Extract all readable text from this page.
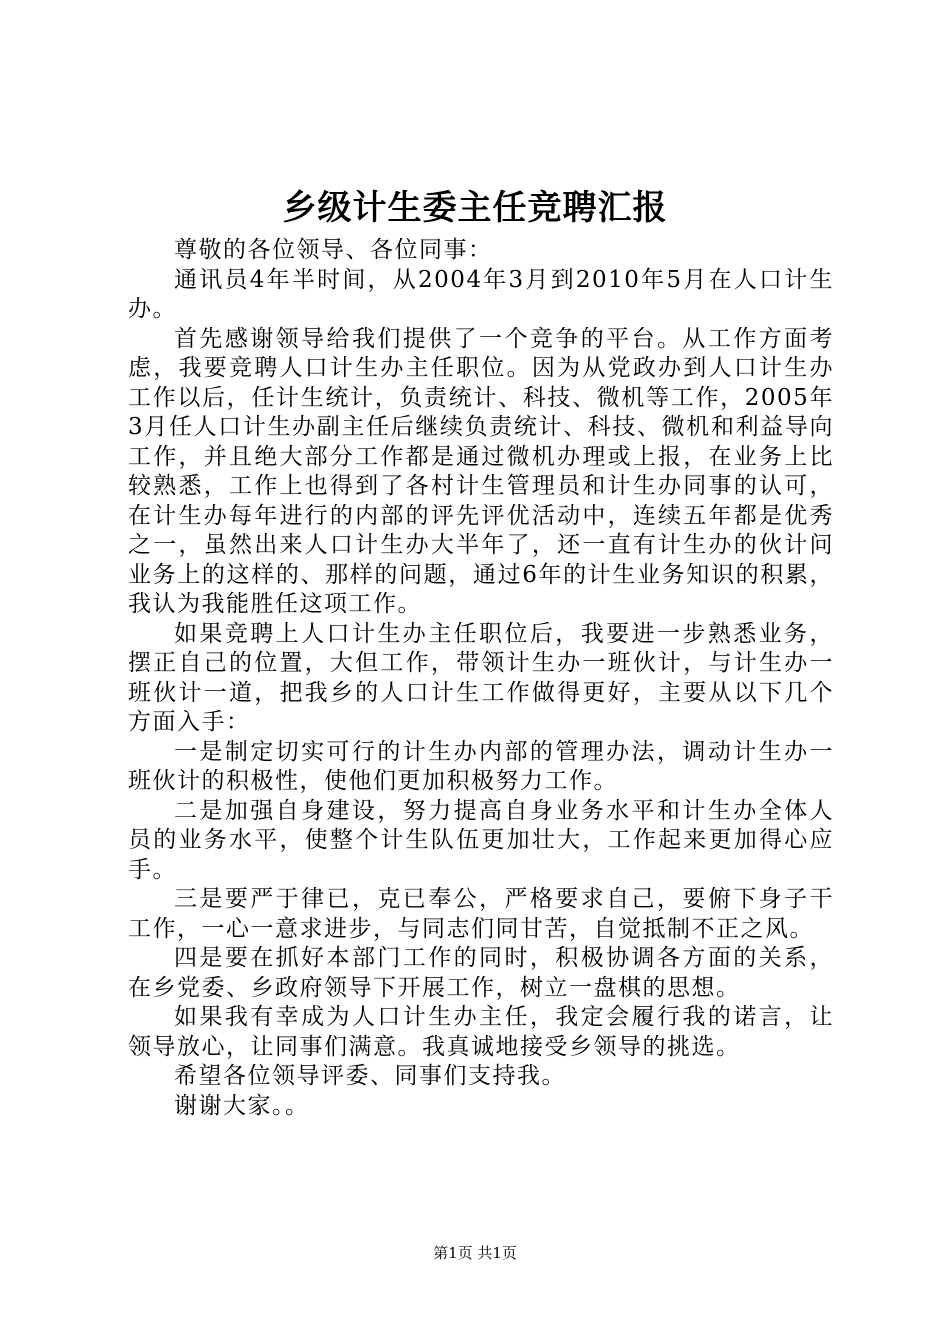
乡级计生委主任竞聘汇报

尊敬的各位领导、各位同事：

通讯员4年半时间，从2004年3月到2010年5月在人口计生办。

首先感谢领导给我们提供了一个竞争的平台。从工作方面考虑，我要竞聘人口计生办主任职位。因为从党政办到人口计生办工作以后，任计生统计，负责统计、科技、微机等工作，2005年3月任人口计生办副主任后继续负责统计、科技、微机和利益导向工作，并且绝大部分工作都是通过微机办理或上报，在业务上比较熟悉，工作上也得到了各村计生管理员和计生办同事的认可，在计生办每年进行的内部的评先评优活动中，连续五年都是优秀之一，虽然出来人口计生办大半年了，还一直有计生办的伙计问业务上的这样的、那样的问题，通过6年的计生业务知识的积累，我认为我能胜任这项工作。

如果竞聘上人口计生办主任职位后，我要进一步熟悉业务，摆正自己的位置，大但工作，带领计生办一班伙计，与计生办一班伙计一道，把我乡的人口计生工作做得更好，主要从以下几个方面入手：

一是制定切实可行的计生办内部的管理办法，调动计生办一班伙计的积极性，使他们更加积极努力工作。

二是加强自身建设，努力提高自身业务水平和计生办全体人员的业务水平，使整个计生队伍更加壮大，工作起来更加得心应手。

三是要严于律已，克已奉公，严格要求自己，要俯下身子干工作，一心一意求进步，与同志们同甘苦，自觉抵制不正之风。

四是要在抓好本部门工作的同时，积极协调各方面的关系，在乡党委、乡政府领导下开展工作，树立一盘棋的思想。

如果我有幸成为人口计生办主任，我定会履行我的诺言，让领导放心，让同事们满意。我真诚地接受乡领导的挑选。

希望各位领导评委、同事们支持我。

谢谢大家。。

第1页 共1页
